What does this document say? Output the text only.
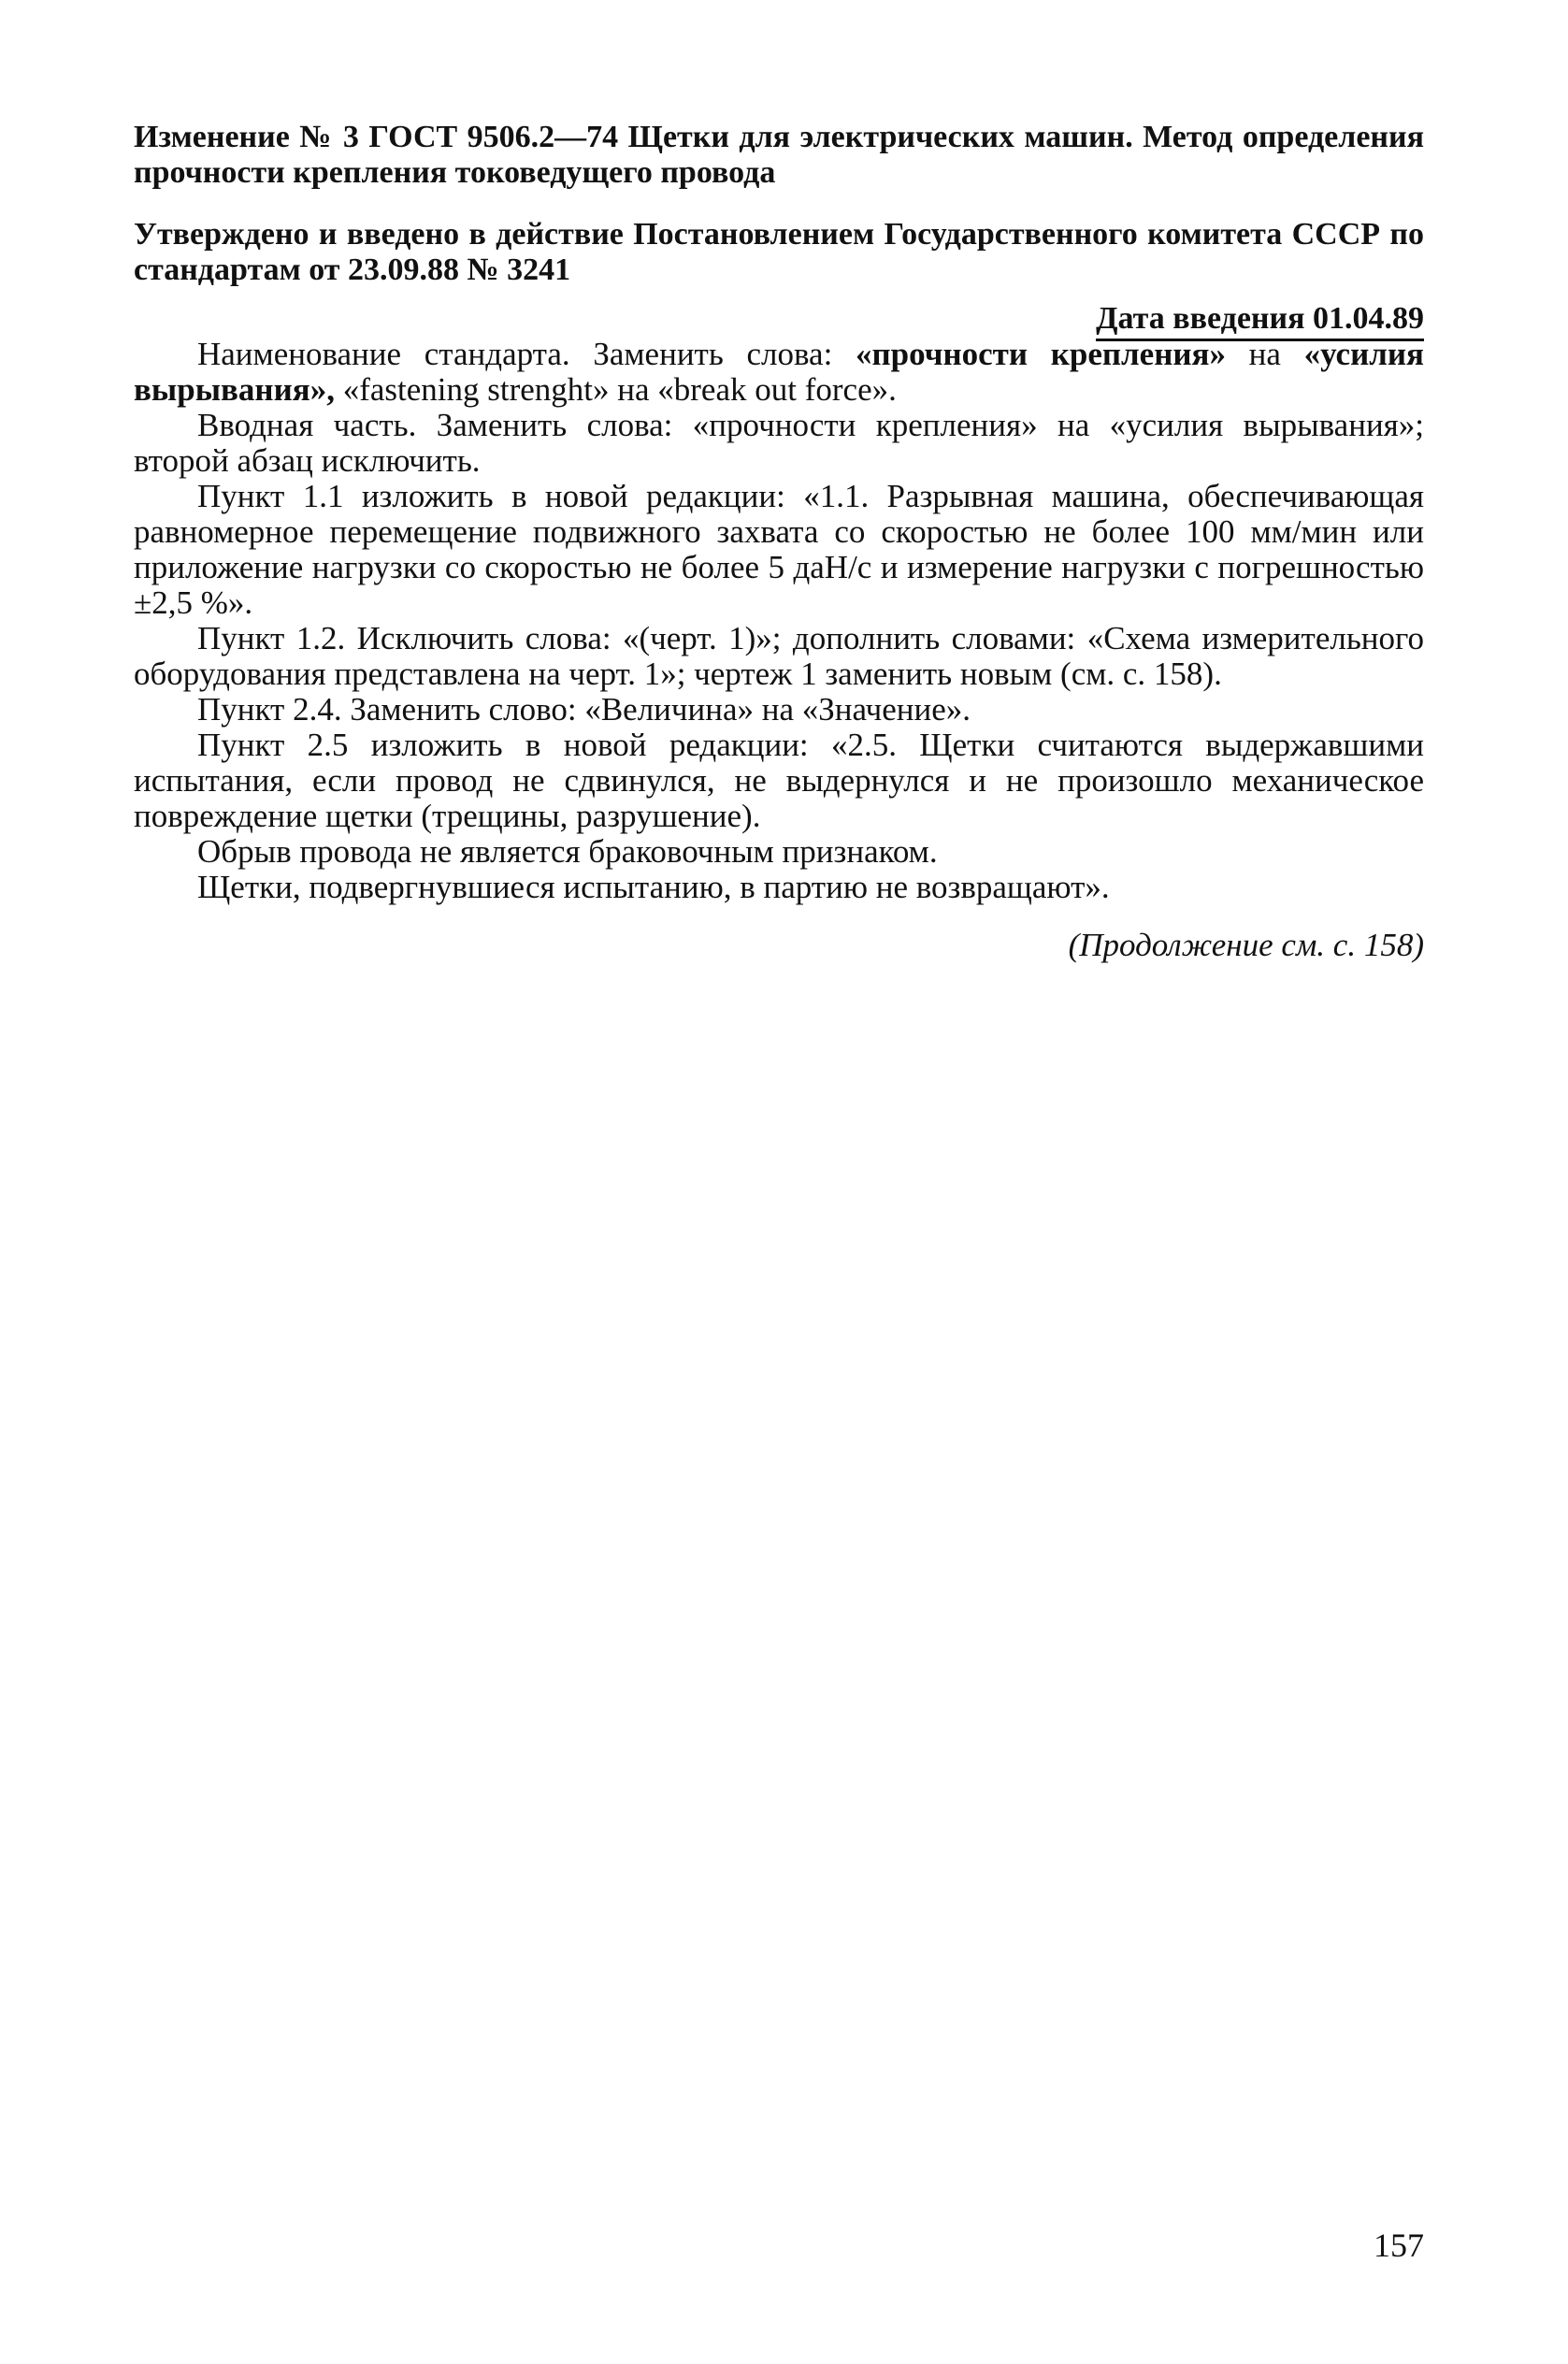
Изменение № 3 ГОСТ 9506.2—74 Щетки для электрических машин. Метод определения прочности крепления токоведущего провода

Утверждено и введено в действие Постановлением Государственного комитета СССР по стандартам от 23.09.88 № 3241
Дата введения 01.04.89

Наименование стандарта. Заменить слова: «прочности крепления» на «усилия вырывания», «fastening strenght» на «break out force».

Вводная часть. Заменить слова: «прочности крепления» на «усилия вырывания»; второй абзац исключить.

Пункт 1.1 изложить в новой редакции: «1.1. Разрывная машина, обеспечивающая равномерное перемещение подвижного захвата со скоростью не более 100 мм/мин или приложение нагрузки со скоростью не более 5 даН/с и измерение нагрузки с погрешностью ±2,5 %».

Пункт 1.2. Исключить слова: «(черт. 1)»; дополнить словами: «Схема измерительного оборудования представлена на черт. 1»; чертеж 1 заменить новым (см. с. 158).

Пункт 2.4. Заменить слово: «Величина» на «Значение».

Пункт 2.5 изложить в новой редакции: «2.5. Щетки считаются выдержавшими испытания, если провод не сдвинулся, не выдернулся и не произошло механическое повреждение щетки (трещины, разрушение).

Обрыв провода не является браковочным признаком.

Щетки, подвергнувшиеся испытанию, в партию не возвращают».

(Продолжение см. с. 158)

157
